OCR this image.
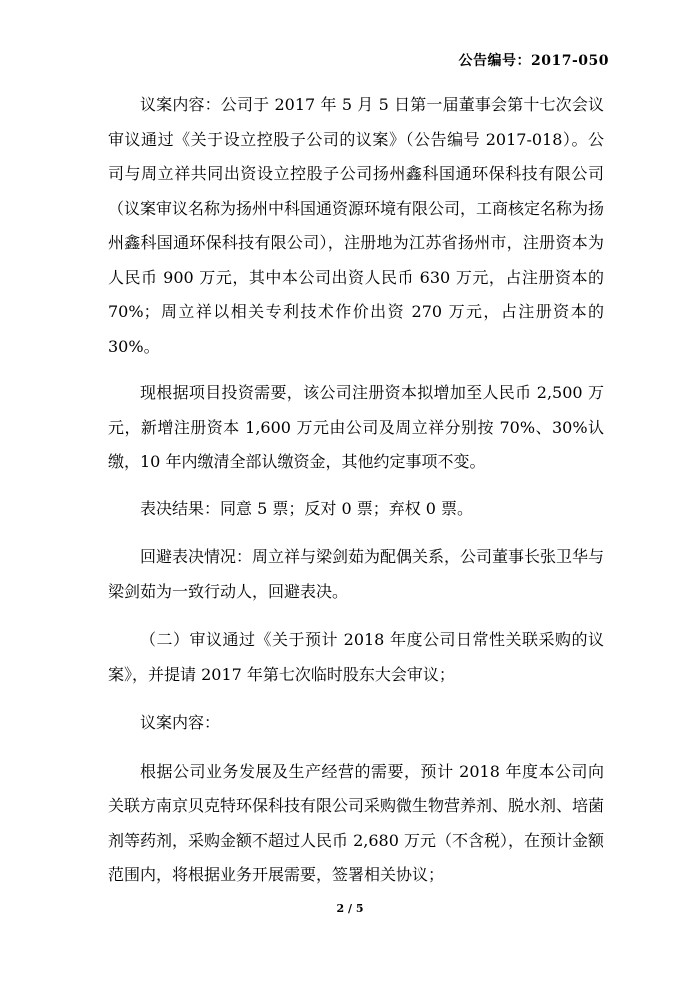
公告编号：2017-050

议案内容：公司于 2017 年 5 月 5 日第一届董事会第十七次会议审议通过《关于设立控股子公司的议案》（公告编号 2017-018）。公司与周立祥共同出资设立控股子公司扬州鑫科国通环保科技有限公司（议案审议名称为扬州中科国通资源环境有限公司，工商核定名称为扬州鑫科国通环保科技有限公司），注册地为江苏省扬州市，注册资本为人民币 900 万元，其中本公司出资人民币 630 万元，占注册资本的 70%；周立祥以相关专利技术作价出资 270 万元，占注册资本的 30%。

现根据项目投资需要，该公司注册资本拟增加至人民币 2,500 万元，新增注册资本 1,600 万元由公司及周立祥分别按 70%、30%认缴，10 年内缴清全部认缴资金，其他约定事项不变。

表决结果：同意 5 票；反对 0 票；弃权 0 票。

回避表决情况：周立祥与梁剑茹为配偶关系，公司董事长张卫华与梁剑茹为一致行动人，回避表决。

（二）审议通过《关于预计 2018 年度公司日常性关联采购的议案》，并提请 2017 年第七次临时股东大会审议；

议案内容：

根据公司业务发展及生产经营的需要，预计 2018 年度本公司向关联方南京贝克特环保科技有限公司采购微生物营养剂、脱水剂、培菌剂等药剂，采购金额不超过人民币 2,680 万元（不含税），在预计金额范围内，将根据业务开展需要，签署相关协议；

2 / 5
